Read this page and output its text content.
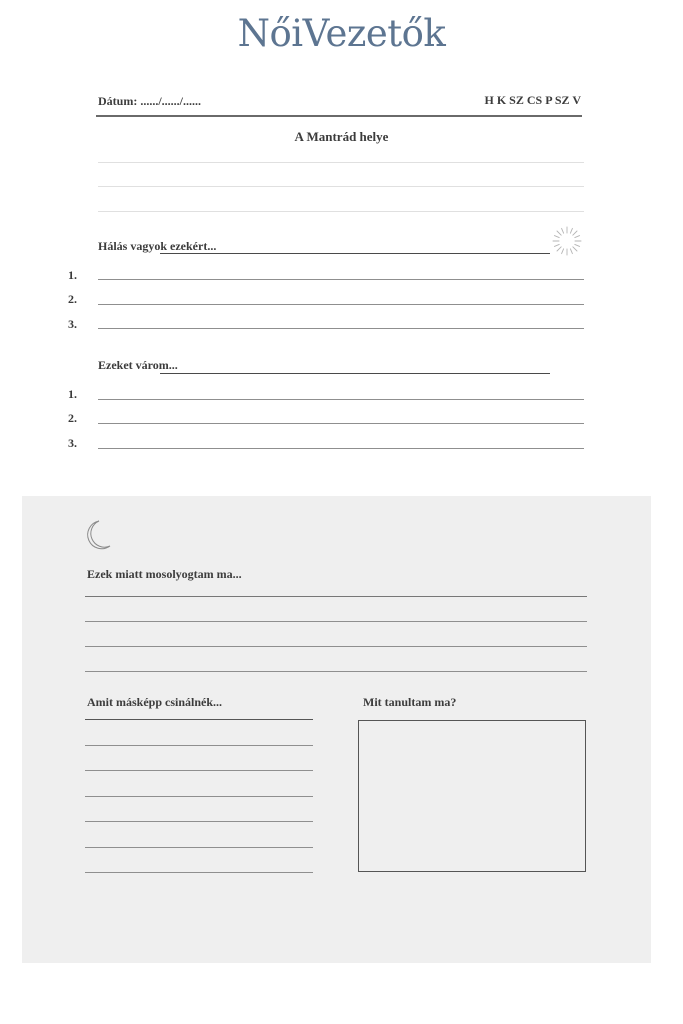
NőiVezetők
Dátum: ....../....../......	H K SZ CS P SZ V
A Mantrád helye
Hálás vagyok ezekért...
1.
2.
3.
Ezeket várom...
1.
2.
3.
Ezek miatt mosolyogtam ma...
Amit másképp csinálnék...	Mit tanultam ma?
